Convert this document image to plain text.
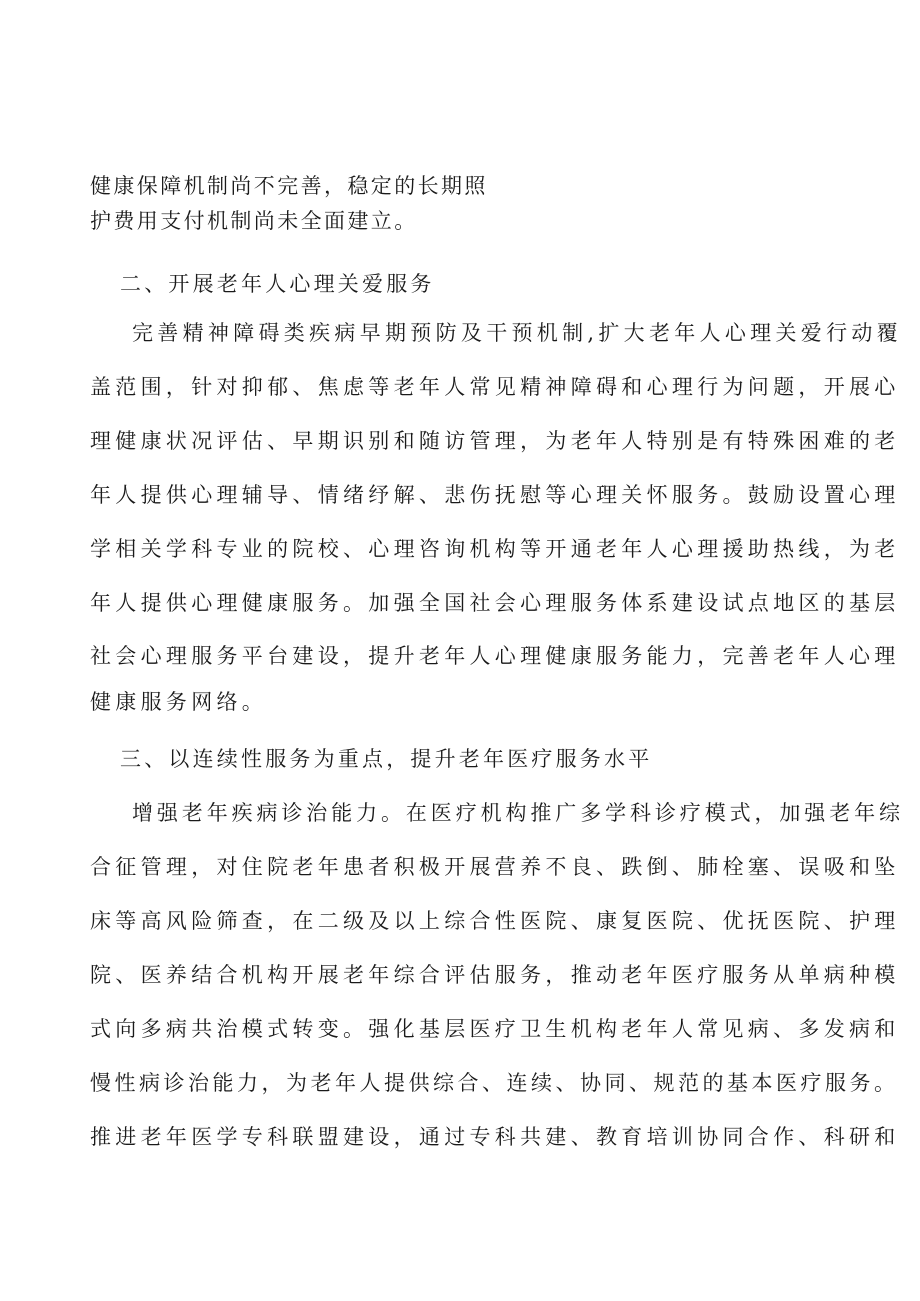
健康保障机制尚不完善，稳定的长期照
护费用支付机制尚未全面建立。
二、开展老年人心理关爱服务
完善精神障碍类疾病早期预防及干预机制,扩大老年人心理关爱行动覆
盖范围，针对抑郁、焦虑等老年人常见精神障碍和心理行为问题，开展心
理健康状况评估、早期识别和随访管理，为老年人特别是有特殊困难的老
年人提供心理辅导、情绪纾解、悲伤抚慰等心理关怀服务。鼓励设置心理
学相关学科专业的院校、心理咨询机构等开通老年人心理援助热线，为老
年人提供心理健康服务。加强全国社会心理服务体系建设试点地区的基层
社会心理服务平台建设，提升老年人心理健康服务能力，完善老年人心理
健康服务网络。
三、以连续性服务为重点，提升老年医疗服务水平
增强老年疾病诊治能力。在医疗机构推广多学科诊疗模式，加强老年综
合征管理，对住院老年患者积极开展营养不良、跌倒、肺栓塞、误吸和坠
床等高风险筛查，在二级及以上综合性医院、康复医院、优抚医院、护理
院、医养结合机构开展老年综合评估服务，推动老年医疗服务从单病种模
式向多病共治模式转变。强化基层医疗卫生机构老年人常见病、多发病和
慢性病诊治能力，为老年人提供综合、连续、协同、规范的基本医疗服务。
推进老年医学专科联盟建设，通过专科共建、教育培训协同合作、科研和
